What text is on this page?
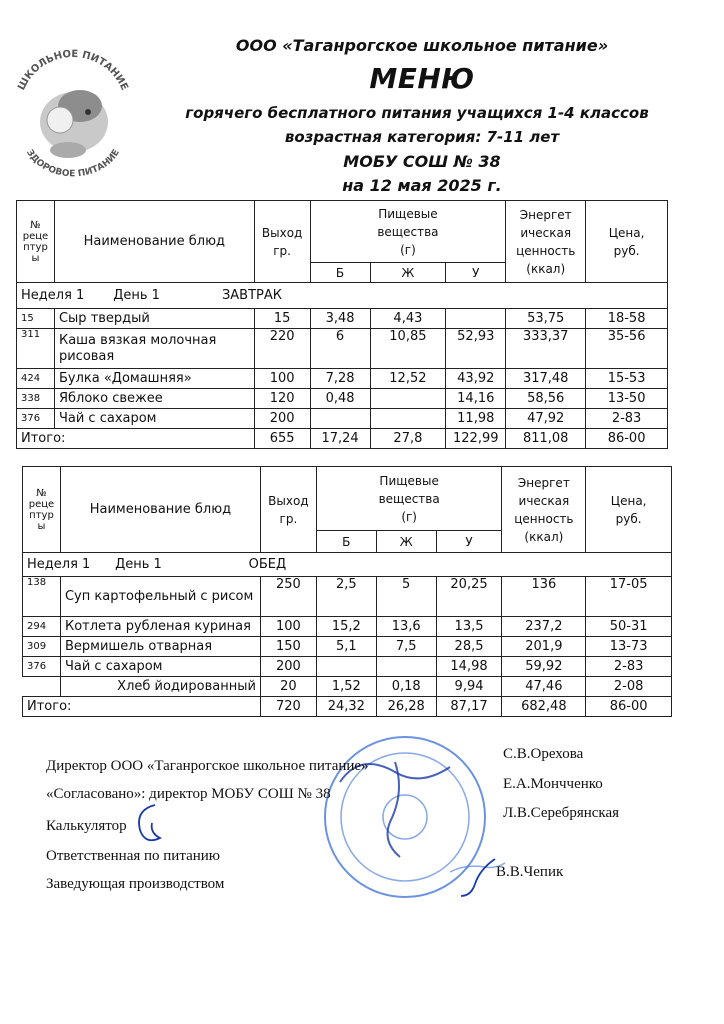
ШКОЛЬНОЕ ПИТАНИЕ
ЗДОРОВОЕ ПИТАНИЕ
ООО «Таганрогское школьное питание»
МЕНЮ
горячего бесплатного питания учащихся 1-4 классов
возрастная категория: 7-11 лет
МОБУ СОШ № 38
на 12 мая 2025 г.
№
реце
птур
ы	Наименование блюд	Выход
гр.	Пищевые
вещества
(г)			Энергет
ическая
ценность
(ккал)	Цена,
руб.
			Б	Ж	У		
Неделя 1 День 1 ЗАВТРАК							
15	Сыр твердый	15	3,48	4,43		53,75	18-58
311	Каша вязкая молочная рисовая	220	6	10,85	52,93	333,37	35-56
424	Булка «Домашняя»	100	7,28	12,52	43,92	317,48	15-53
338	Яблоко свежее	120	0,48		14,16	58,56	13-50
376	Чай с сахаром	200			11,98	47,92	2-83
Итого:		655	17,24	27,8	122,99	811,08	86-00
№
реце
птур
ы	Наименование блюд	Выход
гр.	Пищевые
вещества
(г)			Энергет
ическая
ценность
(ккал)	Цена,
руб.
			Б	Ж	У		
Неделя 1 День 1 ОБЕД							
138	Суп картофельный с рисом	250	2,5	5	20,25	136	17-05
294	Котлета рубленая куриная	100	15,2	13,6	13,5	237,2	50-31
309	Вермишель отварная	150	5,1	7,5	28,5	201,9	13-73
376	Чай с сахаром	200			14,98	59,92	2-83
	Хлеб йодированный	20	1,52	0,18	9,94	47,46	2-08
Итого:		720	24,32	26,28	87,17	682,48	86-00
Директор ООО «Таганрогское школьное питание»
С.В.Орехова
«Согласовано»: директор МОБУ СОШ № 38
Е.А.Мончченко
Калькулятор
Л.В.Серебрянская
Ответственная по питанию
Заведующая производством
В.В.Чепик
